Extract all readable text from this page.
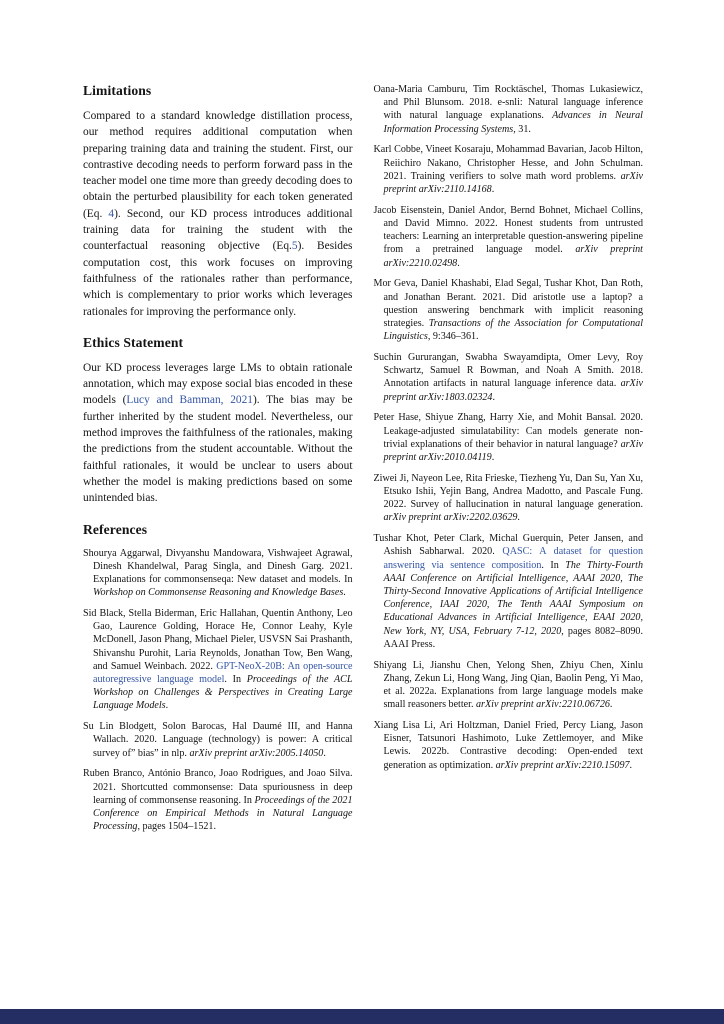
Limitations

Compared to a standard knowledge distillation process, our method requires additional computation when preparing training data and training the student. First, our contrastive decoding needs to perform forward pass in the teacher model one time more than greedy decoding does to obtain the perturbed plausibility for each token generated (Eq. 4). Second, our KD process introduces additional training data for training the student with the counterfactual reasoning objective (Eq.5). Besides computation cost, this work focuses on improving faithfulness of the rationales rather than performance, which is complementary to prior works which leverages rationales for improving the performance only.

Ethics Statement

Our KD process leverages large LMs to obtain rationale annotation, which may expose social bias encoded in these models (Lucy and Bamman, 2021). The bias may be further inherited by the student model. Nevertheless, our method improves the faithfulness of the rationales, making the predictions from the student accountable. Without the faithful rationales, it would be unclear to users about whether the model is making predictions based on some unintended bias.

References

Shourya Aggarwal, Divyanshu Mandowara, Vishwajeet Agrawal, Dinesh Khandelwal, Parag Singla, and Dinesh Garg. 2021. Explanations for commonsenseqa: New dataset and models. In Workshop on Commonsense Reasoning and Knowledge Bases.

Sid Black, Stella Biderman, Eric Hallahan, Quentin Anthony, Leo Gao, Laurence Golding, Horace He, Connor Leahy, Kyle McDonell, Jason Phang, Michael Pieler, USVSN Sai Prashanth, Shivanshu Purohit, Laria Reynolds, Jonathan Tow, Ben Wang, and Samuel Weinbach. 2022. GPT-NeoX-20B: An open-source autoregressive language model. In Proceedings of the ACL Workshop on Challenges & Perspectives in Creating Large Language Models.

Su Lin Blodgett, Solon Barocas, Hal Daumé III, and Hanna Wallach. 2020. Language (technology) is power: A critical survey of” bias” in nlp. arXiv preprint arXiv:2005.14050.

Ruben Branco, António Branco, Joao Rodrigues, and Joao Silva. 2021. Shortcutted commonsense: Data spuriousness in deep learning of commonsense reasoning. In Proceedings of the 2021 Conference on Empirical Methods in Natural Language Processing, pages 1504–1521.

Oana-Maria Camburu, Tim Rocktäschel, Thomas Lukasiewicz, and Phil Blunsom. 2018. e-snli: Natural language inference with natural language explanations. Advances in Neural Information Processing Systems, 31.

Karl Cobbe, Vineet Kosaraju, Mohammad Bavarian, Jacob Hilton, Reiichiro Nakano, Christopher Hesse, and John Schulman. 2021. Training verifiers to solve math word problems. arXiv preprint arXiv:2110.14168.

Jacob Eisenstein, Daniel Andor, Bernd Bohnet, Michael Collins, and David Mimno. 2022. Honest students from untrusted teachers: Learning an interpretable question-answering pipeline from a pretrained language model. arXiv preprint arXiv:2210.02498.

Mor Geva, Daniel Khashabi, Elad Segal, Tushar Khot, Dan Roth, and Jonathan Berant. 2021. Did aristotle use a laptop? a question answering benchmark with implicit reasoning strategies. Transactions of the Association for Computational Linguistics, 9:346–361.

Suchin Gururangan, Swabha Swayamdipta, Omer Levy, Roy Schwartz, Samuel R Bowman, and Noah A Smith. 2018. Annotation artifacts in natural language inference data. arXiv preprint arXiv:1803.02324.

Peter Hase, Shiyue Zhang, Harry Xie, and Mohit Bansal. 2020. Leakage-adjusted simulatability: Can models generate non-trivial explanations of their behavior in natural language? arXiv preprint arXiv:2010.04119.

Ziwei Ji, Nayeon Lee, Rita Frieske, Tiezheng Yu, Dan Su, Yan Xu, Etsuko Ishii, Yejin Bang, Andrea Madotto, and Pascale Fung. 2022. Survey of hallucination in natural language generation. arXiv preprint arXiv:2202.03629.

Tushar Khot, Peter Clark, Michal Guerquin, Peter Jansen, and Ashish Sabharwal. 2020. QASC: A dataset for question answering via sentence composition. In The Thirty-Fourth AAAI Conference on Artificial Intelligence, AAAI 2020, The Thirty-Second Innovative Applications of Artificial Intelligence Conference, IAAI 2020, The Tenth AAAI Symposium on Educational Advances in Artificial Intelligence, EAAI 2020, New York, NY, USA, February 7-12, 2020, pages 8082–8090. AAAI Press.

Shiyang Li, Jianshu Chen, Yelong Shen, Zhiyu Chen, Xinlu Zhang, Zekun Li, Hong Wang, Jing Qian, Baolin Peng, Yi Mao, et al. 2022a. Explanations from large language models make small reasoners better. arXiv preprint arXiv:2210.06726.

Xiang Lisa Li, Ari Holtzman, Daniel Fried, Percy Liang, Jason Eisner, Tatsunori Hashimoto, Luke Zettlemoyer, and Mike Lewis. 2022b. Contrastive decoding: Open-ended text generation as optimization. arXiv preprint arXiv:2210.15097.
